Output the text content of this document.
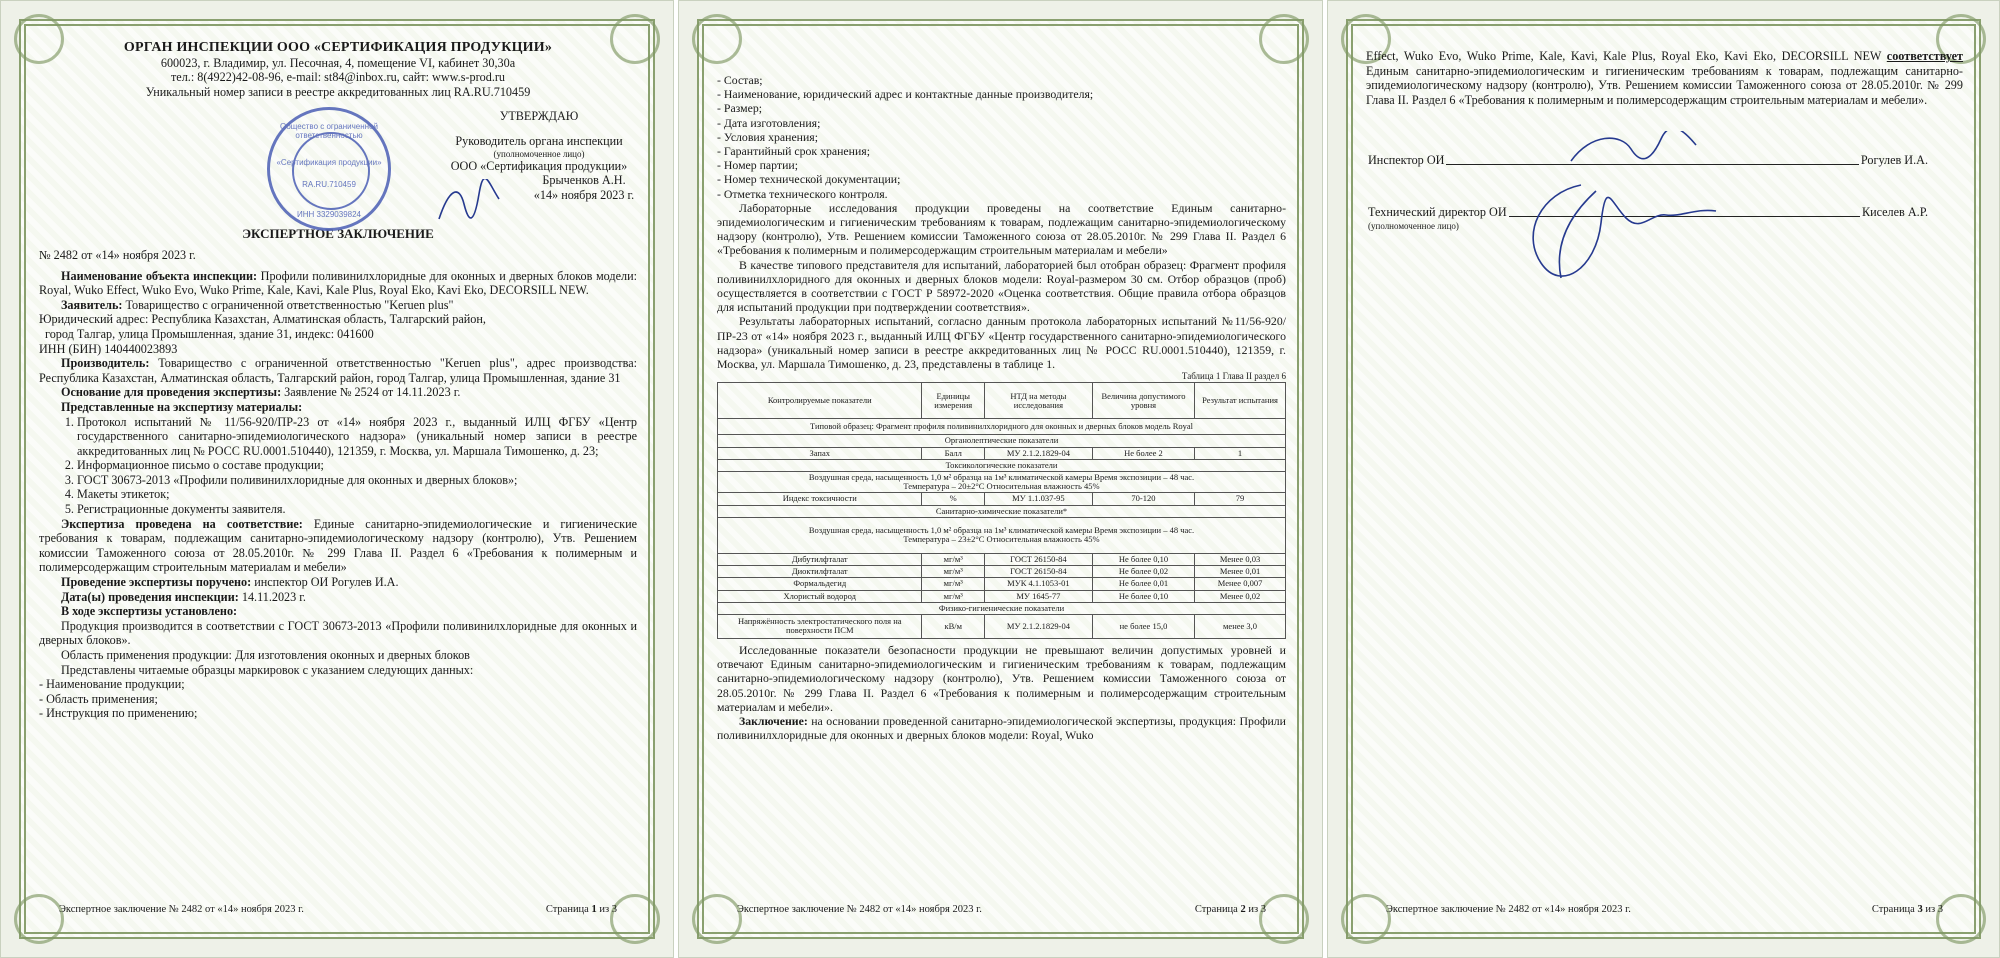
ОРГАН ИНСПЕКЦИИ ООО «СЕРТИФИКАЦИЯ ПРОДУКЦИИ»
600023, г. Владимир, ул. Песочная, 4, помещение VI, кабинет 30,30а
тел.: 8(4922)42-08-96, e-mail: st84@inbox.ru, сайт: www.s-prod.ru
Уникальный номер записи в реестре аккредитованных лиц RA.RU.710459
Общество с ограниченной ответственностью
«Сертификация продукции»
RA.RU.710459
ИНН 3329039824
УТВЕРЖДАЮ
Руководитель органа инспекции
(уполномоченное лицо)
ООО «Сертификация продукции»
Брыченков А.Н.
«14» ноября 2023 г.
ЭКСПЕРТНОЕ ЗАКЛЮЧЕНИЕ
№ 2482 от «14» ноября 2023 г.
Наименование объекта инспекции: Профили поливинилхлоридные для оконных и дверных блоков модели: Royal, Wuko Effect, Wuko Evo, Wuko Prime, Kale, Kavi, Kale Plus, Royal Eko, Kavi Eko, DECORSILL NEW.
Заявитель: Товарищество с ограниченной ответственностью "Keruen plus"
Юридический адрес: Республика Казахстан, Алматинская область, Талгарский район,
город Талгар, улица Промышленная, здание 31, индекс: 041600
ИНН (БИН) 140440023893
Производитель: Товарищество с ограниченной ответственностью "Keruen plus", адрес производства: Республика Казахстан, Алматинская область, Талгарский район, город Талгар, улица Промышленная, здание 31
Основание для проведения экспертизы: Заявление № 2524 от 14.11.2023 г.
Представленные на экспертизу материалы:
1. Протокол испытаний № 11/56-920/ПР-23 от «14» ноября 2023 г., выданный ИЛЦ ФГБУ «Центр государственного санитарно-эпидемиологического надзора» (уникальный номер записи в реестре аккредитованных лиц № РОСС RU.0001.510440), 121359, г. Москва, ул. Маршала Тимошенко, д. 23;
2. Информационное письмо о составе продукции;
3. ГОСТ 30673-2013 «Профили поливинилхлоридные для оконных и дверных блоков»;
4. Макеты этикеток;
5. Регистрационные документы заявителя.
Экспертиза проведена на соответствие: Единые санитарно-эпидемиологические и гигиенические требования к товарам, подлежащим санитарно-эпидемиологическому надзору (контролю), Утв. Решением комиссии Таможенного союза от 28.05.2010г. № 299 Глава II. Раздел 6 «Требования к полимерным и полимерсодержащим строительным материалам и мебели»
Проведение экспертизы поручено: инспектор ОИ Рогулев И.А.
Дата(ы) проведения инспекции: 14.11.2023 г.
В ходе экспертизы установлено:
Продукция производится в соответствии с ГОСТ 30673-2013 «Профили поливинилхлоридные для оконных и дверных блоков».
Область применения продукции: Для изготовления оконных и дверных блоков
Представлены читаемые образцы маркировок с указанием следующих данных:
- Наименование продукции;
- Область применения;
- Инструкция по применению;
Экспертное заключение № 2482 от «14» ноября 2023 г.	Страница 1 из 3
- Состав;
- Наименование, юридический адрес и контактные данные производителя;
- Размер;
- Дата изготовления;
- Условия хранения;
- Гарантийный срок хранения;
- Номер партии;
- Номер технической документации;
- Отметка технического контроля.
Лабораторные исследования продукции проведены на соответствие Единым санитарно-эпидемиологическим и гигиеническим требованиям к товарам, подлежащим санитарно-эпидемиологическому надзору (контролю), Утв. Решением комиссии Таможенного союза от 28.05.2010г. № 299 Глава II. Раздел 6 «Требования к полимерным и полимерсодержащим строительным материалам и мебели»
В качестве типового представителя для испытаний, лабораторией был отобран образец: Фрагмент профиля поливинилхлоридного для оконных и дверных блоков модели: Royal-размером 30 см. Отбор образцов (проб) осуществляется в соответствии с ГОСТ Р 58972-2020 «Оценка соответствия. Общие правила отбора образцов для испытаний продукции при подтверждении соответствия».
Результаты лабораторных испытаний, согласно данным протокола лабораторных испытаний №11/56-920/ПР-23 от «14» ноября 2023 г., выданный ИЛЦ ФГБУ «Центр государственного санитарно-эпидемиологического надзора» (уникальный номер записи в реестре аккредитованных лиц № РОСС RU.0001.510440), 121359, г. Москва, ул. Маршала Тимошенко, д. 23, представлены в таблице 1.
Таблица 1 Глава II раздел 6
Контролируемые показатели	Единицы измерения	НТД на методы исследования	Величина допустимого уровня	Результат испытания
Типовой образец: Фрагмент профиля поливинилхлоридного для оконных и дверных блоков модель Royal				
Органолептические показатели				
Запах	Балл	МУ 2.1.2.1829-04	Не более 2	1
Токсикологические показатели				
Воздушная среда, насыщенность 1,0 м² образца на 1м³ климатической камеры Время экспозиции – 48 час. Температура – 20±2°С Относительная влажность 45%				
Индекс токсичности	%	МУ 1.1.037-95	70-120	79
Санитарно-химические показатели*				
Воздушная среда, насыщенность 1,0 м² образца на 1м³ климатической камеры Время экспозиции – 48 час. Температура – 23±2°С Относительная влажность 45%				
Дибутилфталат	мг/м³	ГОСТ 26150-84	Не более 0,10	Менее 0,03
Диоктилфталат	мг/м³	ГОСТ 26150-84	Не более 0,02	Менее 0,01
Формальдегид	мг/м³	МУК 4.1.1053-01	Не более 0,01	Менее 0,007
Хлористый водород	мг/м³	МУ 1645-77	Не более 0,10	Менее 0,02
Физико-гигиенические показатели				
Напряжённость электростатического поля на поверхности ПСМ	кВ/м	МУ 2.1.2.1829-04	не более 15,0	менее 3,0
Исследованные показатели безопасности продукции не превышают величин допустимых уровней и отвечают Единым санитарно-эпидемиологическим и гигиеническим требованиям к товарам, подлежащим санитарно-эпидемиологическому надзору (контролю), Утв. Решением комиссии Таможенного союза от 28.05.2010г. № 299 Глава II. Раздел 6 «Требования к полимерным и полимерсодержащим строительным материалам и мебели».
Заключение: на основании проведенной санитарно-эпидемиологической экспертизы, продукция: Профили поливинилхлоридные для оконных и дверных блоков модели: Royal, Wuko
Экспертное заключение № 2482 от «14» ноября 2023 г.	Страница 2 из 3
Effect, Wuko Evo, Wuko Prime, Kale, Kavi, Kale Plus, Royal Eko, Kavi Eko, DECORSILL NEW соответствует Единым санитарно-эпидемиологическим и гигиеническим требованиям к товарам, подлежащим санитарно-эпидемиологическому надзору (контролю), Утв. Решением комиссии Таможенного союза от 28.05.2010г. № 299 Глава II. Раздел 6 «Требования к полимерным и полимерсодержащим строительным материалам и мебели».
Инспектор ОИ	Рогулев И.А.
Технический директор ОИ	Киселев А.Р.
(уполномоченное лицо)
Экспертное заключение № 2482 от «14» ноября 2023 г.	Страница 3 из 3
